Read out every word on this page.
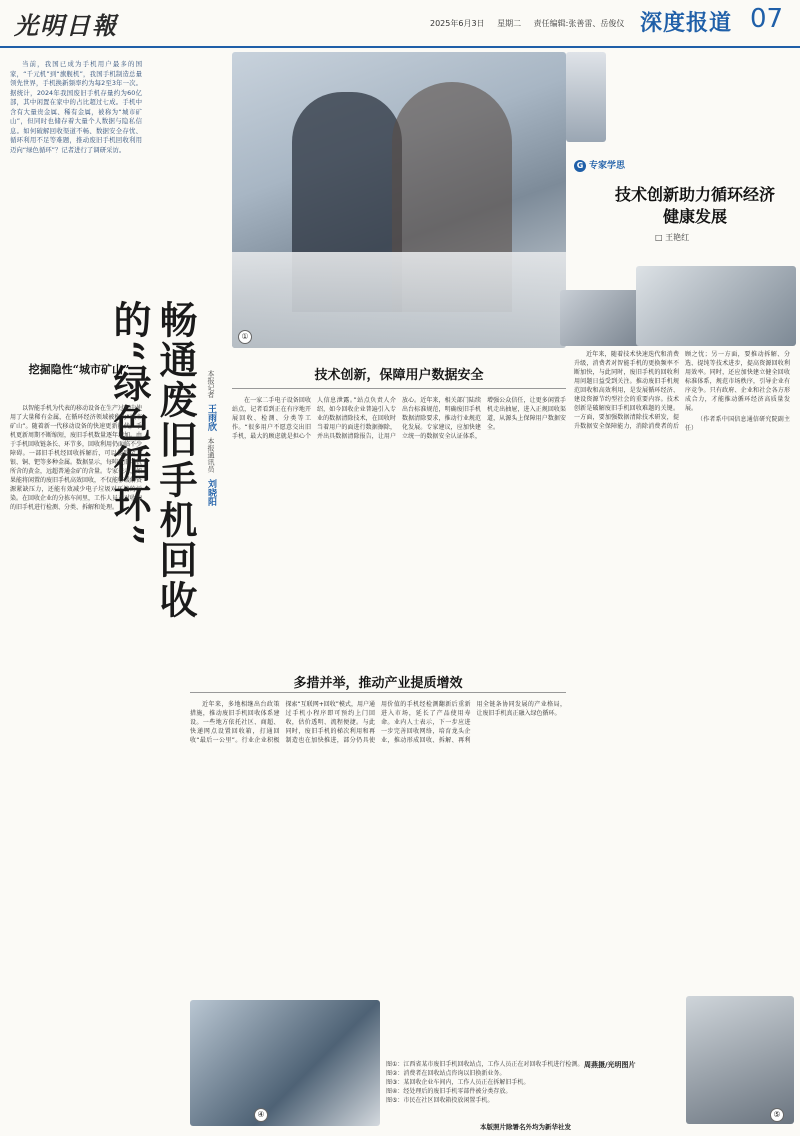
光明日報	2025年6月3日 星期二 责任编辑:张善雷、岳俊仪 深度报道 07

当前，我国已成为手机用户最多的国家，“千元机”到“旗舰机”，我国手机制造总量领先世界，手机换新频率约为每2至3年一次。据统计，2024年我国废旧手机存量约为60亿部，其中闲置在家中的占比超过七成。手机中含有大量贵金属、稀有金属，被称为“城市矿山”，但同时也储存着大量个人数据与隐私信息。如何破解回收渠道不畅、数据安全存忧、循环利用不足等难题，推动废旧手机回收利用迈向“绿色循环”？记者进行了调研采访。

畅通废旧手机回收的“绿色循环”	本报记者 王雨欣 本报通讯员 刘晓阳
①
G 专家学思
技术创新助力循环经济健康发展
□ 王艳红

近年来，随着技术快速迭代和消费升级，消费者对智能手机的更换频率不断加快，与此同时，废旧手机的回收利用问题日益受到关注。推动废旧手机规范回收和高效利用，是发展循环经济、建设资源节约型社会的重要内容。技术创新是破解废旧手机回收难题的关键。一方面，要加强数据清除技术研发，提升数据安全保障能力，消除消费者的后顾之忧；另一方面，要推动拆解、分选、提纯等技术进步，提高资源回收利用效率。同时，还应加快建立健全回收标准体系，规范市场秩序，引导企业有序竞争。只有政府、企业和社会各方形成合力，才能推动循环经济高质量发展。

（作者系中国信息通信研究院副主任）

⑤
技术创新，保障用户数据安全

在一家二手电子设备回收站点，记者看到正在有序地开展回收、检测、分类等工作。“很多用户不愿意交出旧手机，最大的顾虑就是担心个人信息泄露。”站点负责人介绍，如今回收企业普遍引入专业的数据清除技术，在回收时当着用户的面进行数据擦除，并出具数据清除报告，让用户放心。近年来，相关部门陆续出台标准规范，明确废旧手机数据清除要求，推动行业规范化发展。专家建议，应加快建立统一的数据安全认证体系，增强公众信任，让更多闲置手机走出抽屉，进入正规回收渠道，从源头上保障用户数据安全。

挖掘隐性“城市矿山”

以智能手机为代表的移动设备在生产过程中使用了大量稀有金属，在循环经济领域被称为“城市矿山”。随着新一代移动设备的快速更新换代，手机更新周期不断缩短，废旧手机数量逐年增加。由于手机回收链条长、环节多，回收利用仍面临不少障碍。一部旧手机经回收拆解后，可以提取金、银、铜、钯等多种金属。数据显示，每吨废旧手机所含的黄金，远超普通金矿的含量。专家表示，如果能将闲置的废旧手机高效回收，不仅能够缓解资源紧缺压力，还能有效减少电子垃圾对环境的污染。在回收企业的分拣车间里，工作人员正对收购的旧手机进行检测、分类、拆解和处理。

多措并举，推动产业提质增效

近年来，多地相继出台政策措施，推动废旧手机回收体系建设。一些地方依托社区、商超、快递网点设置回收箱，打通回收“最后一公里”。行业企业积极探索“互联网+回收”模式，用户通过手机小程序即可预约上门回收，估价透明、流程便捷。与此同时，废旧手机的梯次利用和再制造也在加快推进，部分仍具使用价值的手机经检测翻新后重新进入市场，延长了产品使用寿命。业内人士表示，下一步应进一步完善回收网络，培育龙头企业，推动形成回收、拆解、再利用全链条协同发展的产业格局，让废旧手机真正融入绿色循环。

④
图①：江西省某市废旧手机回收站点，工作人员正在对回收手机进行检测。
图②：消费者在回收站点咨询以旧换新业务。
图③：某回收企业车间内，工作人员正在拆解旧手机。
图④：经处理后的废旧手机零部件被分类存放。
图⑤：市民在社区回收箱投放闲置手机。
周燕摄/光明图片
本版照片除署名外均为新华社发
